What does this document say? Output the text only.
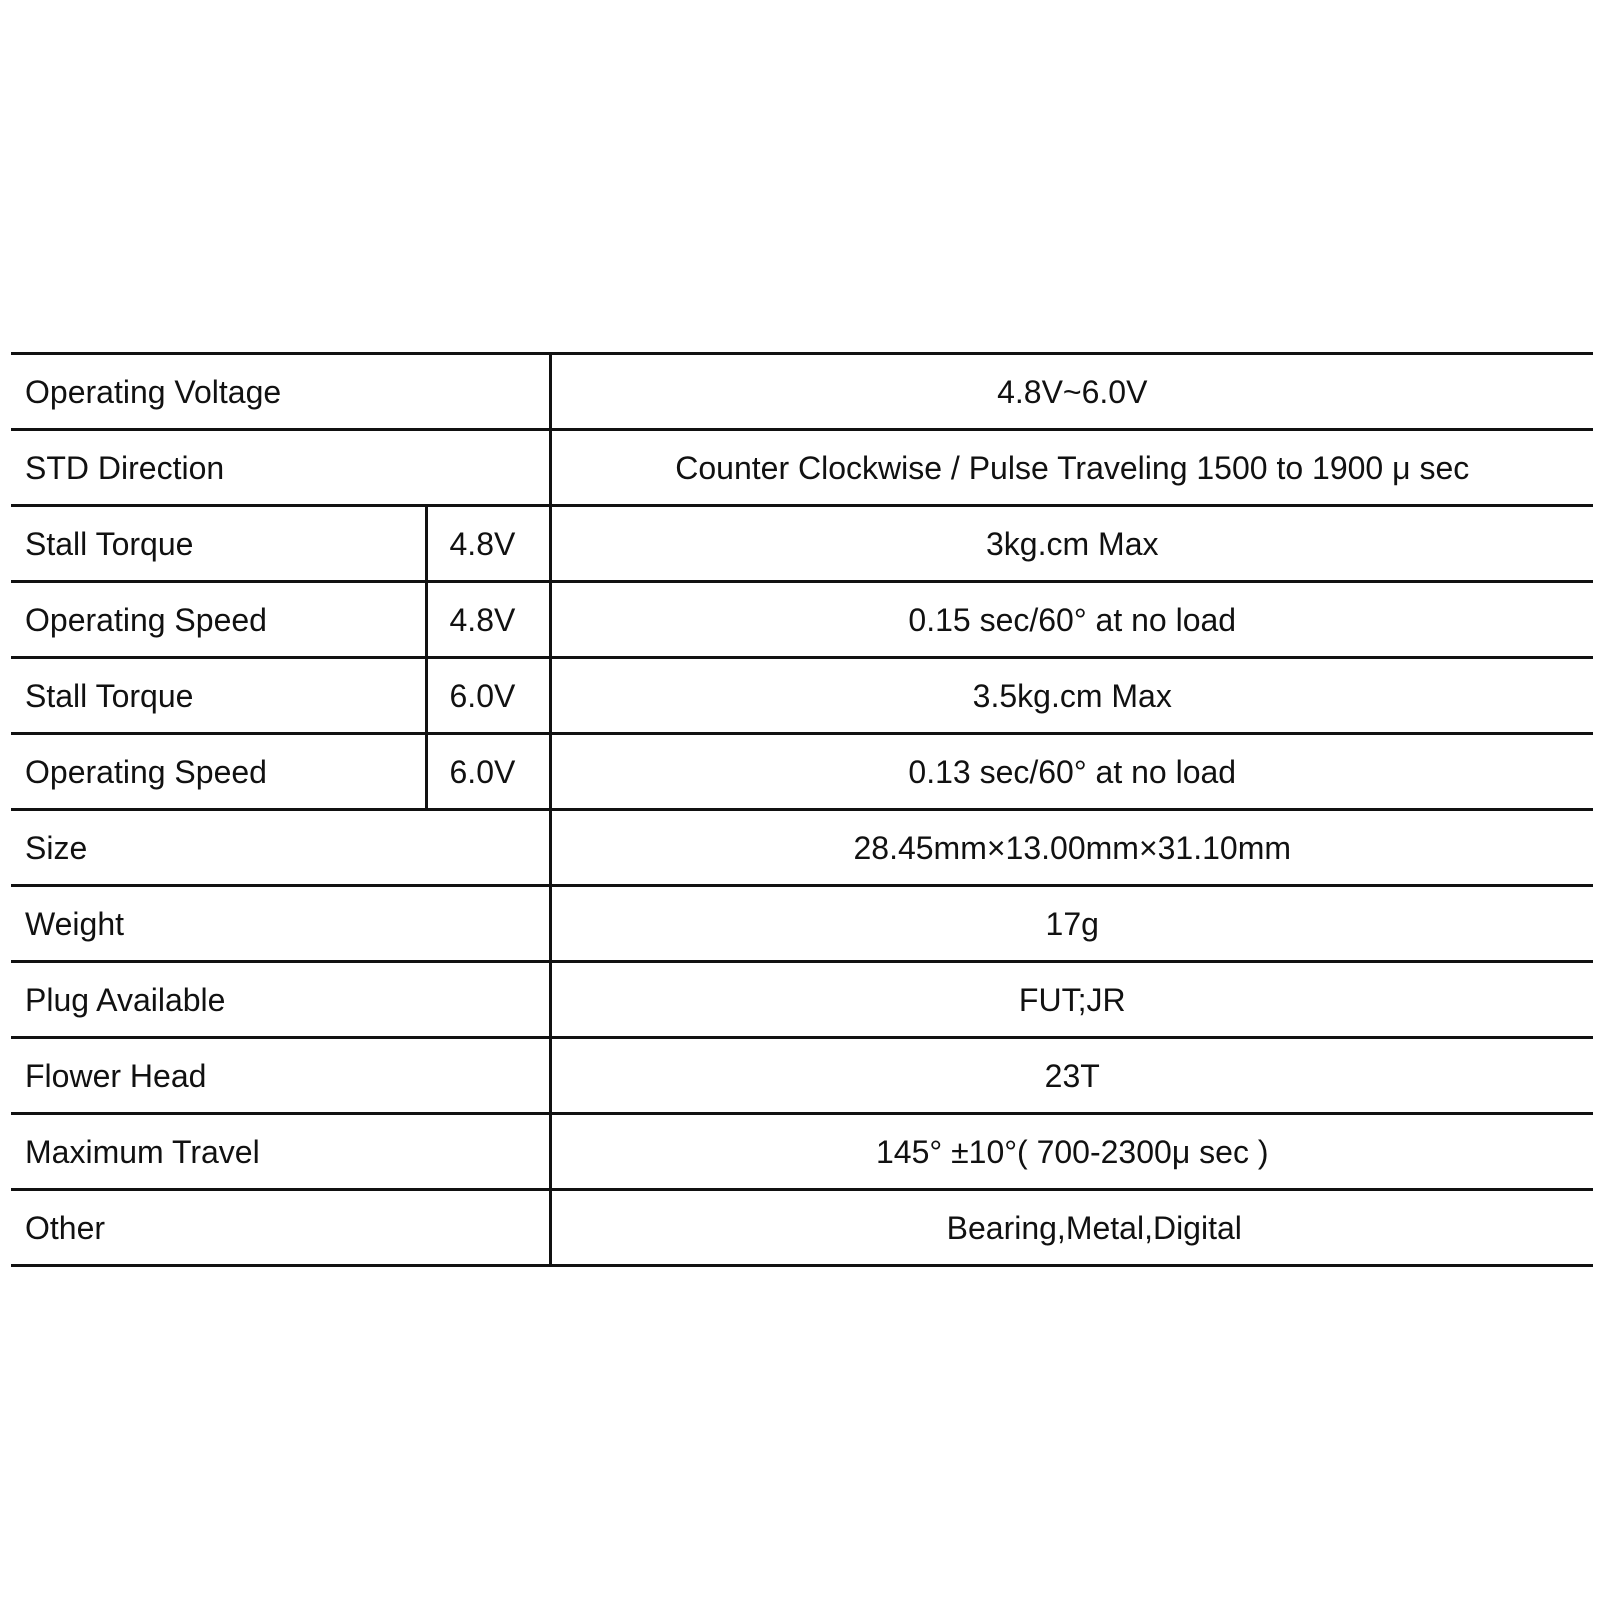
Operating Voltage		4.8V~6.0V
STD Direction		Counter Clockwise / Pulse Traveling 1500 to 1900 μ sec
Stall Torque	4.8V	3kg.cm Max
Operating Speed	4.8V	0.15 sec/60° at no load
Stall Torque	6.0V	3.5kg.cm Max
Operating Speed	6.0V	0.13 sec/60° at no load
Size		28.45mm×13.00mm×31.10mm
Weight		17g
Plug Available		FUT;JR
Flower Head		23T
Maximum Travel		145° ±10°( 700-2300μ sec )
Other		Bearing,Metal,Digital
